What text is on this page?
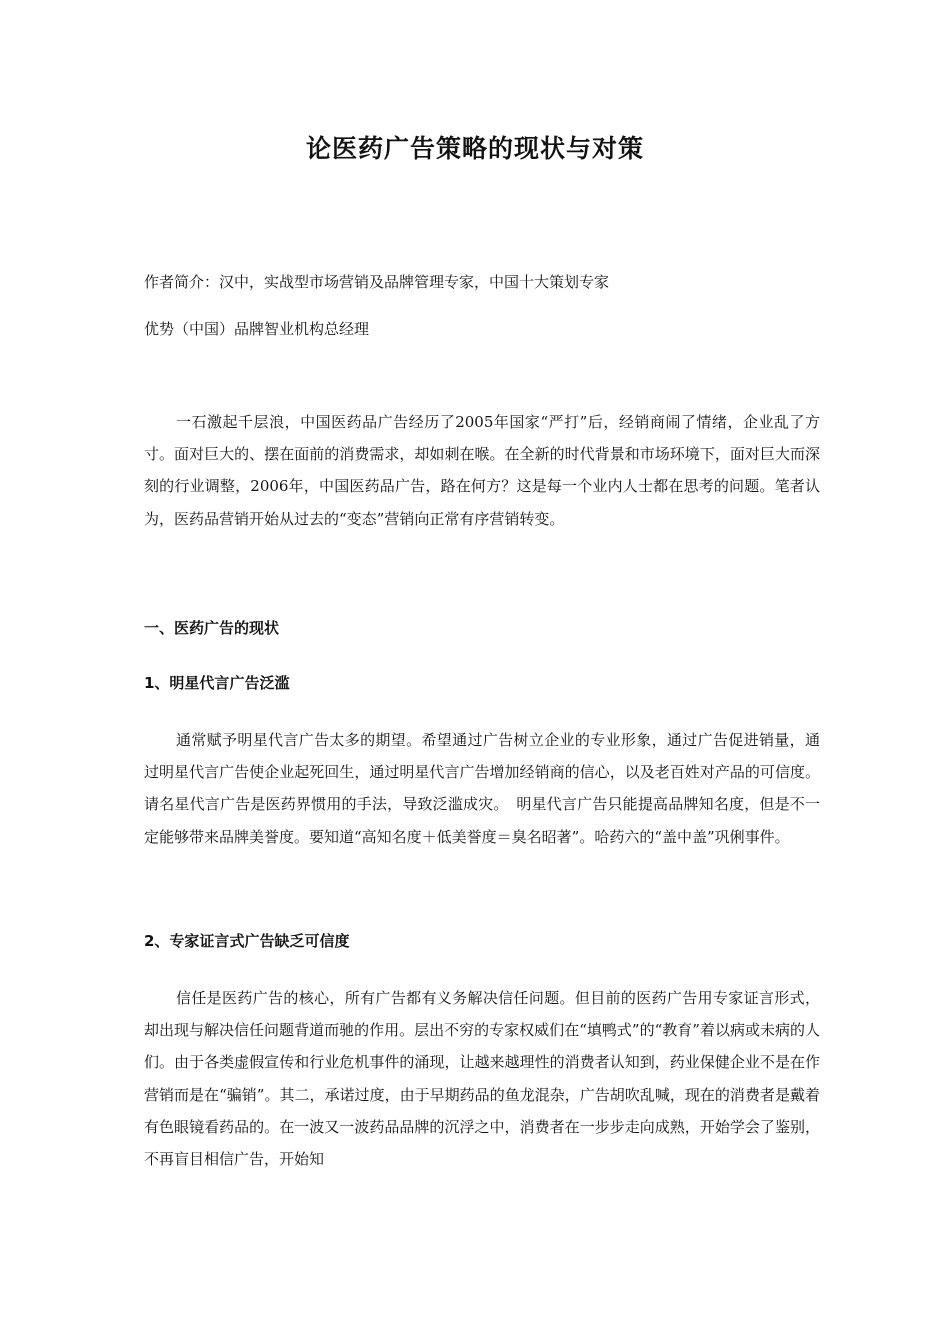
论医药广告策略的现状与对策

作者简介：汉中，实战型市场营销及品牌管理专家，中国十大策划专家

优势（中国）品牌智业机构总经理

一石激起千层浪，中国医药品广告经历了2005年国家“严打”后，经销商闹了情绪，企业乱了方寸。面对巨大的、摆在面前的消费需求，却如刺在喉。在全新的时代背景和市场环境下，面对巨大而深刻的行业调整，2006年，中国医药品广告，路在何方？这是每一个业内人士都在思考的问题。笔者认为，医药品营销开始从过去的“变态”营销向正常有序营销转变。

一、医药广告的现状
1、明星代言广告泛滥

通常赋予明星代言广告太多的期望。希望通过广告树立企业的专业形象，通过广告促进销量，通过明星代言广告使企业起死回生，通过明星代言广告增加经销商的信心，以及老百姓对产品的可信度。请名星代言广告是医药界惯用的手法，导致泛滥成灾。　明星代言广告只能提高品牌知名度，但是不一定能够带来品牌美誉度。要知道“高知名度＋低美誉度＝臭名昭著”。哈药六的“盖中盖”巩俐事件。

2、专家证言式广告缺乏可信度

信任是医药广告的核心，所有广告都有义务解决信任问题。但目前的医药广告用专家证言形式，却出现与解决信任问题背道而驰的作用。层出不穷的专家权威们在“填鸭式”的“教育”着以病或未病的人们。由于各类虚假宣传和行业危机事件的涌现，让越来越理性的消费者认知到，药业保健企业不是在作营销而是在“骗销”。其二，承诺过度，由于早期药品的鱼龙混杂，广告胡吹乱喊，现在的消费者是戴着有色眼镜看药品的。在一波又一波药品品牌的沉浮之中，消费者在一步步走向成熟，开始学会了鉴别，不再盲目相信广告，开始知
